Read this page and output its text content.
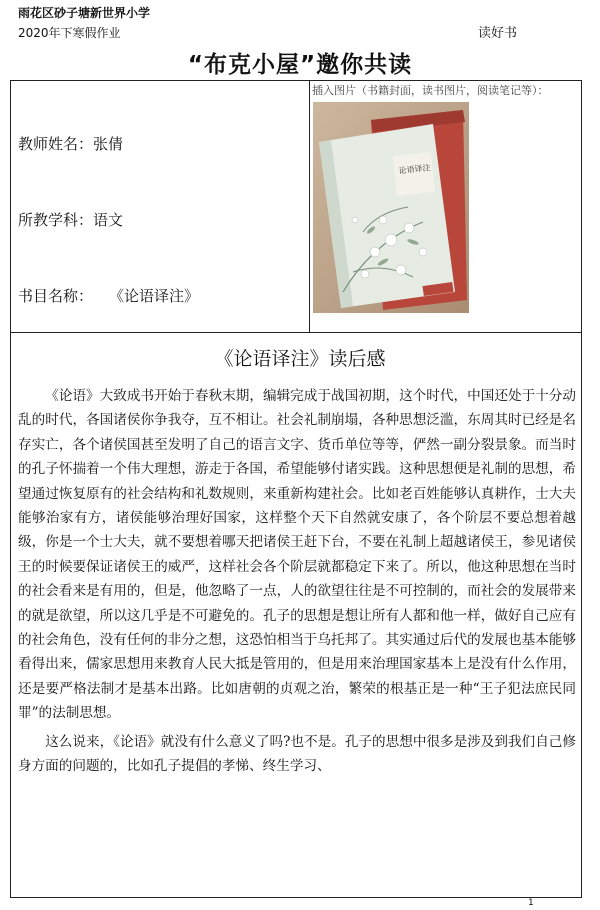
雨花区砂子塘新世界小学
2020年下寒假作业	读好书
“布克小屋”邀你共读
教师姓名：张倩
所教学科：语文
书目名称： 《论语译注》
插入图片（书籍封面，读书图片，阅读笔记等）：
论语译注
《论语译注》读后感

《论语》大致成书开始于春秋末期，编辑完成于战国初期，这个时代，中国还处于十分动乱的时代，各国诸侯你争我夺，互不相让。社会礼制崩塌，各种思想泛滥，东周其时已经是名存实亡，各个诸侯国甚至发明了自己的语言文字、货币单位等等，俨然一副分裂景象。而当时的孔子怀揣着一个伟大理想，游走于各国，希望能够付诸实践。这种思想便是礼制的思想，希望通过恢复原有的社会结构和礼数规则，来重新构建社会。比如老百姓能够认真耕作，士大夫能够治家有方，诸侯能够治理好国家，这样整个天下自然就安康了，各个阶层不要总想着越级，你是一个士大夫，就不要想着哪天把诸侯王赶下台，不要在礼制上超越诸侯王，参见诸侯王的时候要保证诸侯王的威严，这样社会各个阶层就都稳定下来了。所以，他这种思想在当时的社会看来是有用的，但是，他忽略了一点，人的欲望往往是不可控制的，而社会的发展带来的就是欲望，所以这几乎是不可避免的。孔子的思想是想让所有人都和他一样，做好自己应有的社会角色，没有任何的非分之想，这恐怕相当于乌托邦了。其实通过后代的发展也基本能够看得出来，儒家思想用来教育人民大抵是管用的，但是用来治理国家基本上是没有什么作用，还是要严格法制才是基本出路。比如唐朝的贞观之治，繁荣的根基正是一种“王子犯法庶民同罪”的法制思想。

这么说来，《论语》就没有什么意义了吗?也不是。孔子的思想中很多是涉及到我们自己修身方面的问题的，比如孔子提倡的孝悌、终生学习、

1
